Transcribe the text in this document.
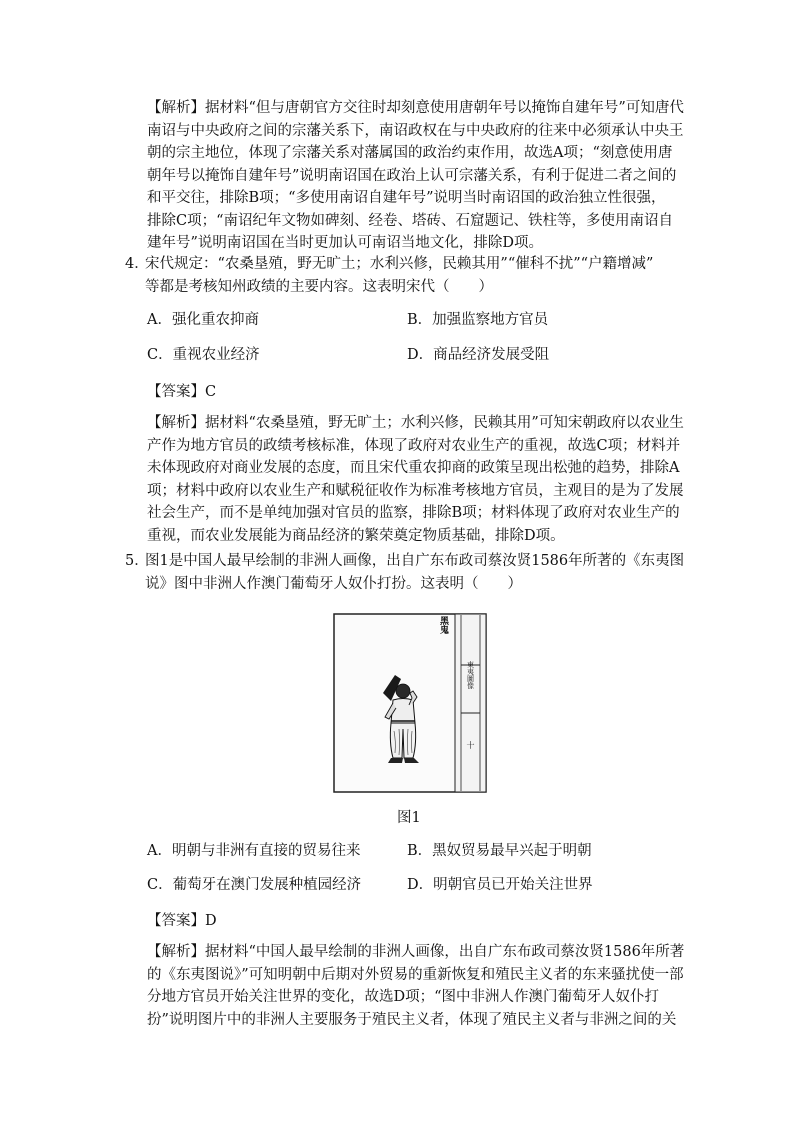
【解析】据材料“但与唐朝官方交往时却刻意使用唐朝年号以掩饰自建年号”可知唐代
南诏与中央政府之间的宗藩关系下，南诏政权在与中央政府的往来中必须承认中央王
朝的宗主地位，体现了宗藩关系对藩属国的政治约束作用，故选A项；“刻意使用唐
朝年号以掩饰自建年号”说明南诏国在政治上认可宗藩关系，有利于促进二者之间的
和平交往，排除B项；“多使用南诏自建年号”说明当时南诏国的政治独立性很强，
排除C项；“南诏纪年文物如碑刻、经卷、塔砖、石窟题记、铁柱等，多使用南诏自
建年号”说明南诏国在当时更加认可南诏当地文化，排除D项。
4．
宋代规定：“农桑垦殖，野无旷土；水利兴修，民赖其用”“催科不扰”“户籍增减”
等都是考核知州政绩的主要内容。这表明宋代（　　）
A．强化重农抑商	B．加强监察地方官员
C．重视农业经济	D．商品经济发展受阻
【答案】C
【解析】据材料“农桑垦殖，野无旷土；水利兴修，民赖其用”可知宋朝政府以农业生
产作为地方官员的政绩考核标准，体现了政府对农业生产的重视，故选C项；材料并
未体现政府对商业发展的态度，而且宋代重农抑商的政策呈现出松弛的趋势，排除A
项；材料中政府以农业生产和赋税征收作为标准考核地方官员，主观目的是为了发展
社会生产，而不是单纯加强对官员的监察，排除B项；材料体现了政府对农业生产的
重视，而农业发展能为商品经济的繁荣奠定物质基础，排除D项。
5．
图1是中国人最早绘制的非洲人画像，出自广东布政司蔡汝贤1586年所著的《东夷图
说》图中非洲人作澳门葡萄牙人奴仆打扮。这表明（　　）
東夷圖像
十
黑鬼
图1
A．明朝与非洲有直接的贸易往来	B．黑奴贸易最早兴起于明朝
C．葡萄牙在澳门发展种植园经济	D．明朝官员已开始关注世界
【答案】D
【解析】据材料“中国人最早绘制的非洲人画像，出自广东布政司蔡汝贤1586年所著
的《东夷图说》”可知明朝中后期对外贸易的重新恢复和殖民主义者的东来骚扰使一部
分地方官员开始关注世界的变化，故选D项；“图中非洲人作澳门葡萄牙人奴仆打
扮”说明图片中的非洲人主要服务于殖民主义者，体现了殖民主义者与非洲之间的关
